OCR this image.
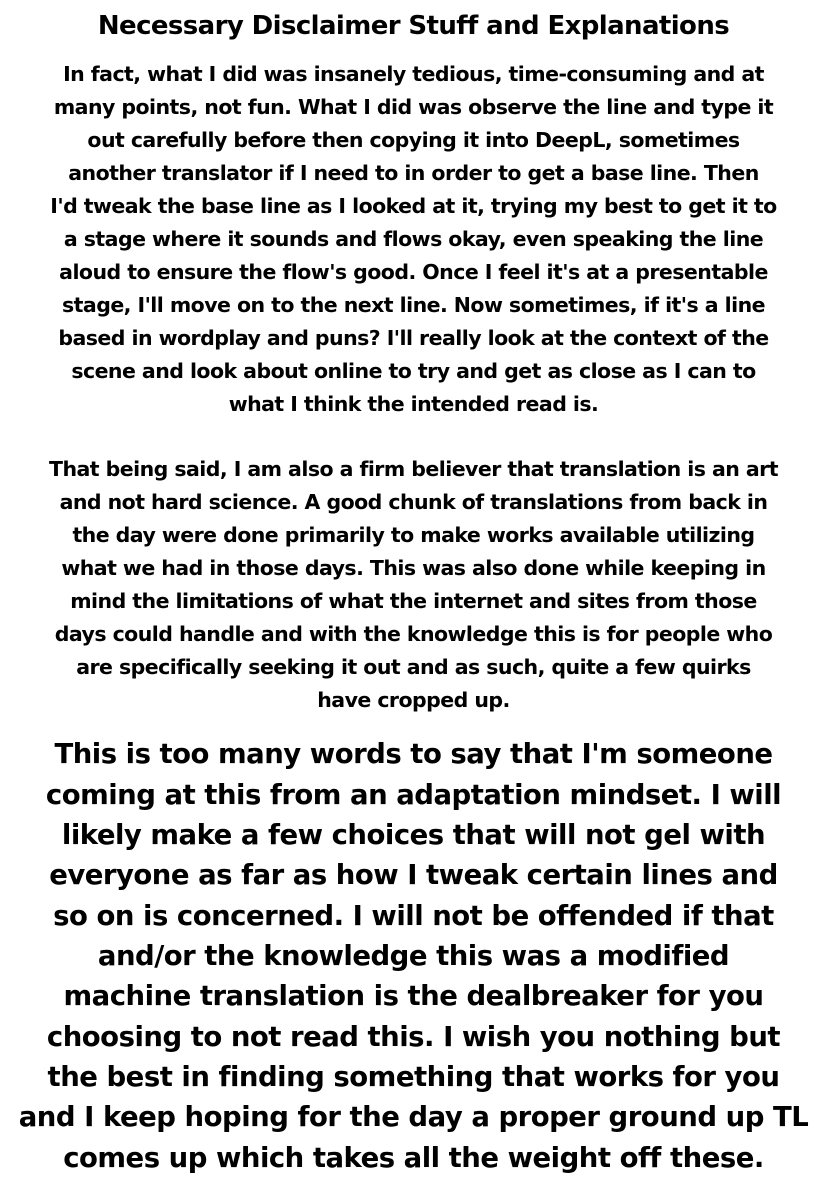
Necessary Disclaimer Stuff and Explanations
In fact, what I did was insanely tedious, time-consuming and at
many points, not fun. What I did was observe the line and type it
out carefully before then copying it into DeepL, sometimes
another translator if I need to in order to get a base line. Then
I'd tweak the base line as I looked at it, trying my best to get it to
a stage where it sounds and flows okay, even speaking the line
aloud to ensure the flow's good. Once I feel it's at a presentable
stage, I'll move on to the next line. Now sometimes, if it's a line
based in wordplay and puns? I'll really look at the context of the
scene and look about online to try and get as close as I can to
what I think the intended read is.
That being said, I am also a firm believer that translation is an art
and not hard science. A good chunk of translations from back in
the day were done primarily to make works available utilizing
what we had in those days. This was also done while keeping in
mind the limitations of what the internet and sites from those
days could handle and with the knowledge this is for people who
are specifically seeking it out and as such, quite a few quirks
have cropped up.
This is too many words to say that I'm someone
coming at this from an adaptation mindset. I will
likely make a few choices that will not gel with
everyone as far as how I tweak certain lines and
so on is concerned. I will not be offended if that
and/or the knowledge this was a modified
machine translation is the dealbreaker for you
choosing to not read this. I wish you nothing but
the best in finding something that works for you
and I keep hoping for the day a proper ground up TL
comes up which takes all the weight off these.
